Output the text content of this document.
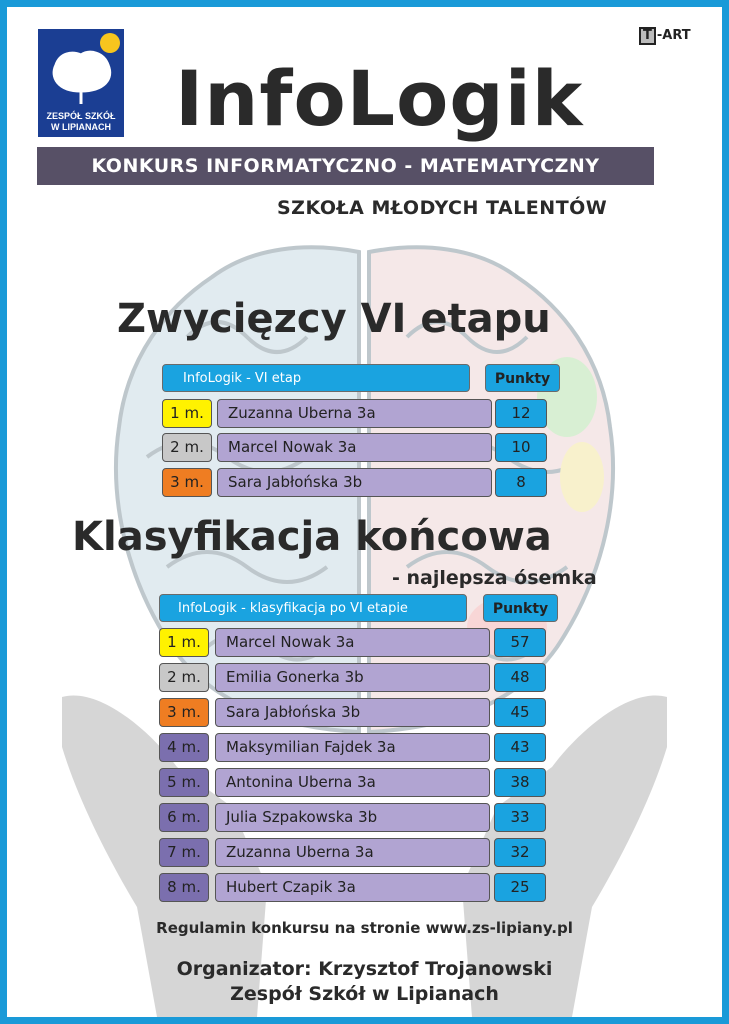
ZESPÓŁ SZKÓŁ
W LIPIANACH
T -ART
InfoLogik
KONKURS INFORMATYCZNO - MATEMATYCZNY
SZKOŁA MŁODYCH TALENTÓW
Zwycięzcy VI etapu
InfoLogik - VI etap	Punkty
1 m.	Zuzanna Uberna 3a	12
2 m.	Marcel Nowak 3a	10
3 m.	Sara Jabłońska 3b	8
Klasyfikacja końcowa
- najlepsza ósemka
InfoLogik - klasyfikacja po VI etapie	Punkty
1 m.	Marcel Nowak 3a	57
2 m.	Emilia Gonerka 3b	48
3 m.	Sara Jabłońska 3b	45
4 m.	Maksymilian Fajdek 3a	43
5 m.	Antonina Uberna 3a	38
6 m.	Julia Szpakowska 3b	33
7 m.	Zuzanna Uberna 3a	32
8 m.	Hubert Czapik 3a	25
Regulamin konkursu na stronie www.zs-lipiany.pl
Organizator: Krzysztof Trojanowski
Zespół Szkół w Lipianach
